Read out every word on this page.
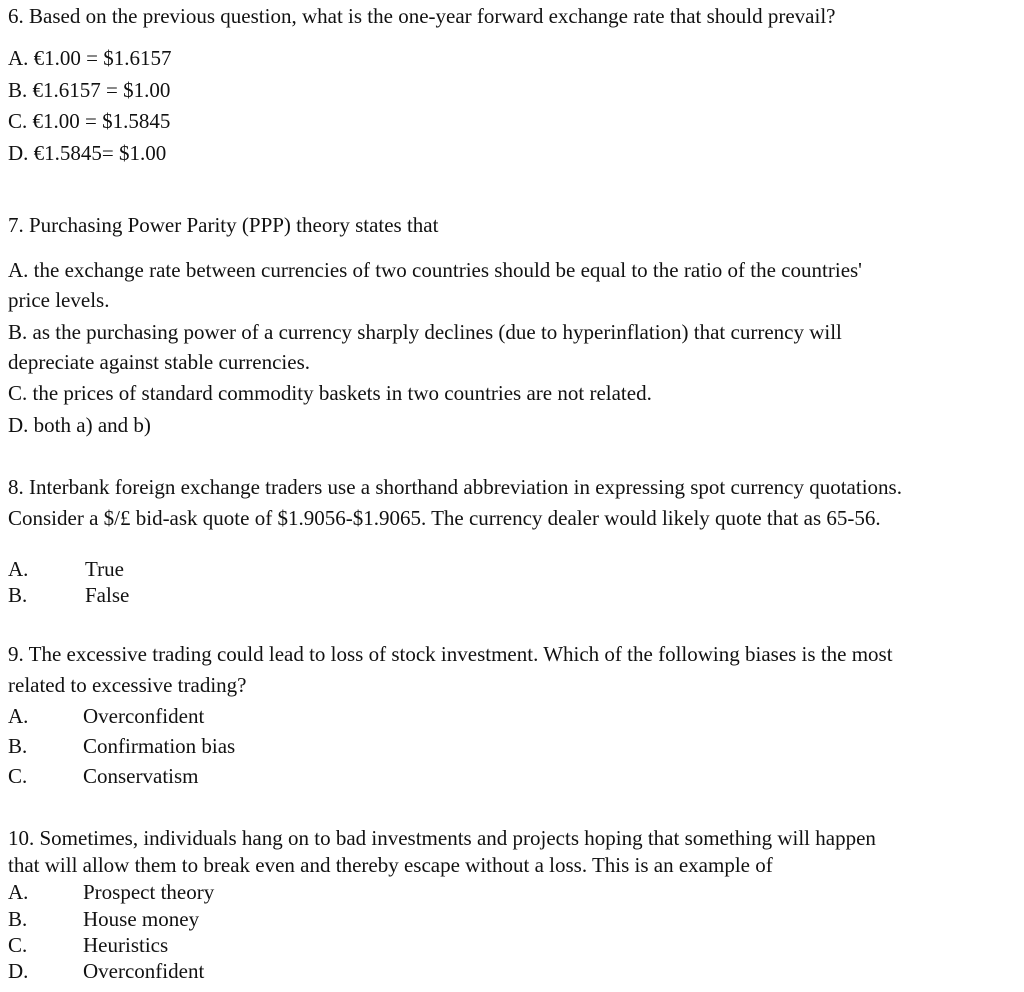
6. Based on the previous question, what is the one-year forward exchange rate that should prevail?
A. €1.00 = $1.6157
B. €1.6157 = $1.00
C. €1.00 = $1.5845
D. €1.5845= $1.00
7. Purchasing Power Parity (PPP) theory states that
A. the exchange rate between currencies of two countries should be equal to the ratio of the countries'
price levels.
B. as the purchasing power of a currency sharply declines (due to hyperinflation) that currency will
depreciate against stable currencies.
C. the prices of standard commodity baskets in two countries are not related.
D. both a) and b)
8. Interbank foreign exchange traders use a shorthand abbreviation in expressing spot currency quotations.
Consider a $/£ bid-ask quote of $1.9056-$1.9065. The currency dealer would likely quote that as 65-56.
A.	True
B.	False
9. The excessive trading could lead to loss of stock investment. Which of the following biases is the most
related to excessive trading?
A.	Overconfident
B.	Confirmation bias
C.	Conservatism
10. Sometimes, individuals hang on to bad investments and projects hoping that something will happen
that will allow them to break even and thereby escape without a loss. This is an example of
A.	Prospect theory
B.	House money
C.	Heuristics
D.	Overconfident
